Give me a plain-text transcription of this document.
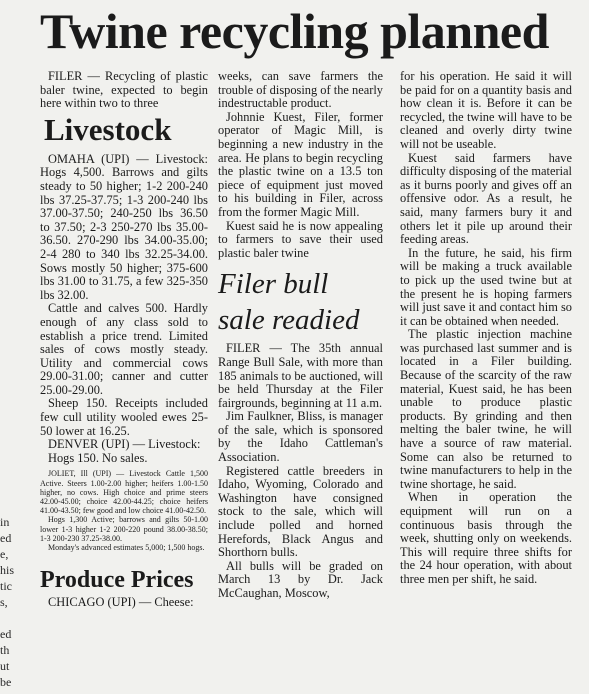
Twine recycling planned
in
ed
e,
his
tic
s,

ed
th
ut
be

FILER — Recycling of plastic baler twine, expected to begin here within two to three

Livestock

OMAHA (UPI) — Livestock: Hogs 4,500. Barrows and gilts steady to 50 higher; 1-2 200-240 lbs 37.25-37.75; 1-3 200-240 lbs 37.00-37.50; 240-250 lbs 36.50 to 37.50; 2-3 250-270 lbs 35.00-36.50. 270-290 lbs 34.00-35.00; 2-4 280 to 340 lbs 32.25-34.00. Sows mostly 50 higher; 375-600 lbs 31.00 to 31.75, a few 325-350 lbs 32.00.

Cattle and calves 500. Hardly enough of any class sold to establish a price trend. Limited sales of cows mostly steady. Utility and commercial cows 29.00-31.00; canner and cutter 25.00-29.00.

Sheep 150. Receipts included few cull utility wooled ewes 25-50 lower at 16.25.

DENVER (UPI) — Livestock:

Hogs 150. No sales.

JOLIET, Ill (UPI) — Livestock Cattle 1,500 Active. Steers 1.00-2.00 higher; heifers 1.00-1.50 higher, no cows. High choice and prime steers 42.00-45.00; choice 42.00-44.25; choice heifers 41.00-43.50; few good and low choice 41.00-42.50.

Hogs 1,300 Active; barrows and gilts 50-1.00 lower 1-3 higher 1-2 200-220 pound 38.00-38.50; 1-3 200-230 37.25-38.00.

Monday's advanced estimates 5,000; 1,500 hogs.

Produce Prices

CHICAGO (UPI) — Cheese:

weeks, can save farmers the trouble of disposing of the nearly indestructable product.

Johnnie Kuest, Filer, former operator of Magic Mill, is beginning a new industry in the area. He plans to begin recycling the plastic twine on a 13.5 ton piece of equipment just moved to his building in Filer, across from the former Magic Mill.

Kuest said he is now appealing to farmers to save their used plastic baler twine

Filer bull
sale readied

FILER — The 35th annual Range Bull Sale, with more than 185 animals to be auctioned, will be held Thursday at the Filer fairgrounds, beginning at 11 a.m.

Jim Faulkner, Bliss, is manager of the sale, which is sponsored by the Idaho Cattleman's Association.

Registered cattle breeders in Idaho, Wyoming, Colorado and Washington have consigned stock to the sale, which will include polled and horned Herefords, Black Angus and Shorthorn bulls.

All bulls will be graded on March 13 by Dr. Jack McCaughan, Moscow,

for his operation. He said it will be paid for on a quantity basis and how clean it is. Before it can be recycled, the twine will have to be cleaned and overly dirty twine will not be useable.

Kuest said farmers have difficulty disposing of the material as it burns poorly and gives off an offensive odor. As a result, he said, many farmers bury it and others let it pile up around their feeding areas.

In the future, he said, his firm will be making a truck available to pick up the used twine but at the present he is hoping farmers will just save it and contact him so it can be obtained when needed.

The plastic injection machine was purchased last summer and is located in a Filer building. Because of the scarcity of the raw material, Kuest said, he has been unable to produce plastic products. By grinding and then melting the baler twine, he will have a source of raw material. Some can also be returned to twine manufacturers to help in the twine shortage, he said.

When in operation the equipment will run on a continuous basis through the week, shutting only on weekends. This will require three shifts for the 24 hour operation, with about three men per shift, he said.
